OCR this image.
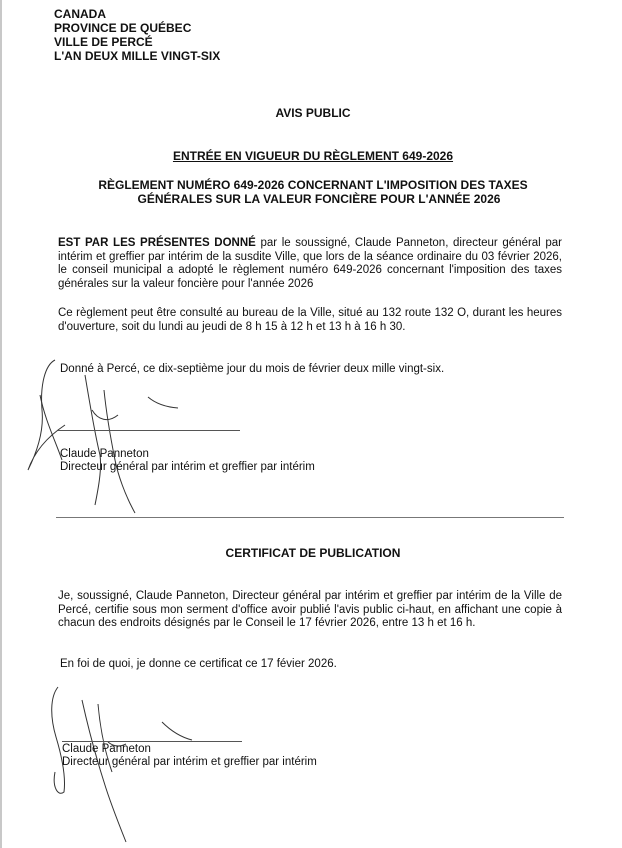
CANADA
PROVINCE DE QUÉBEC
VILLE DE PERCÉ
L'AN DEUX MILLE VINGT-SIX
AVIS PUBLIC
ENTRÉE EN VIGUEUR DU RÈGLEMENT 649-2026
RÈGLEMENT NUMÉRO 649-2026 CONCERNANT L'IMPOSITION DES TAXES
GÉNÉRALES SUR LA VALEUR FONCIÈRE POUR L'ANNÉE 2026
EST PAR LES PRÉSENTES DONNÉ par le soussigné, Claude Panneton, directeur général par intérim et greffier par intérim de la susdite Ville, que lors de la séance ordinaire du 03 février 2026, le conseil municipal a adopté le règlement numéro 649-2026 concernant l'imposition des taxes générales sur la valeur foncière pour l'année 2026
Ce règlement peut être consulté au bureau de la Ville, situé au 132 route 132 O, durant les heures d'ouverture, soit du lundi au jeudi de 8 h 15 à 12 h et 13 h à 16 h 30.
Donné à Percé, ce dix-septième jour du mois de février deux mille vingt-six.
Claude Panneton
Directeur général par intérim et greffier par intérim
CERTIFICAT DE PUBLICATION
Je, soussigné, Claude Panneton, Directeur général par intérim et greffier par intérim de la Ville de Percé, certifie sous mon serment d'office avoir publié l'avis public ci-haut, en affichant une copie à chacun des endroits désignés par le Conseil le 17 février 2026, entre 13 h et 16 h.
En foi de quoi, je donne ce certificat ce 17 févier 2026.
Claude Panneton
Directeur général par intérim et greffier par intérim
